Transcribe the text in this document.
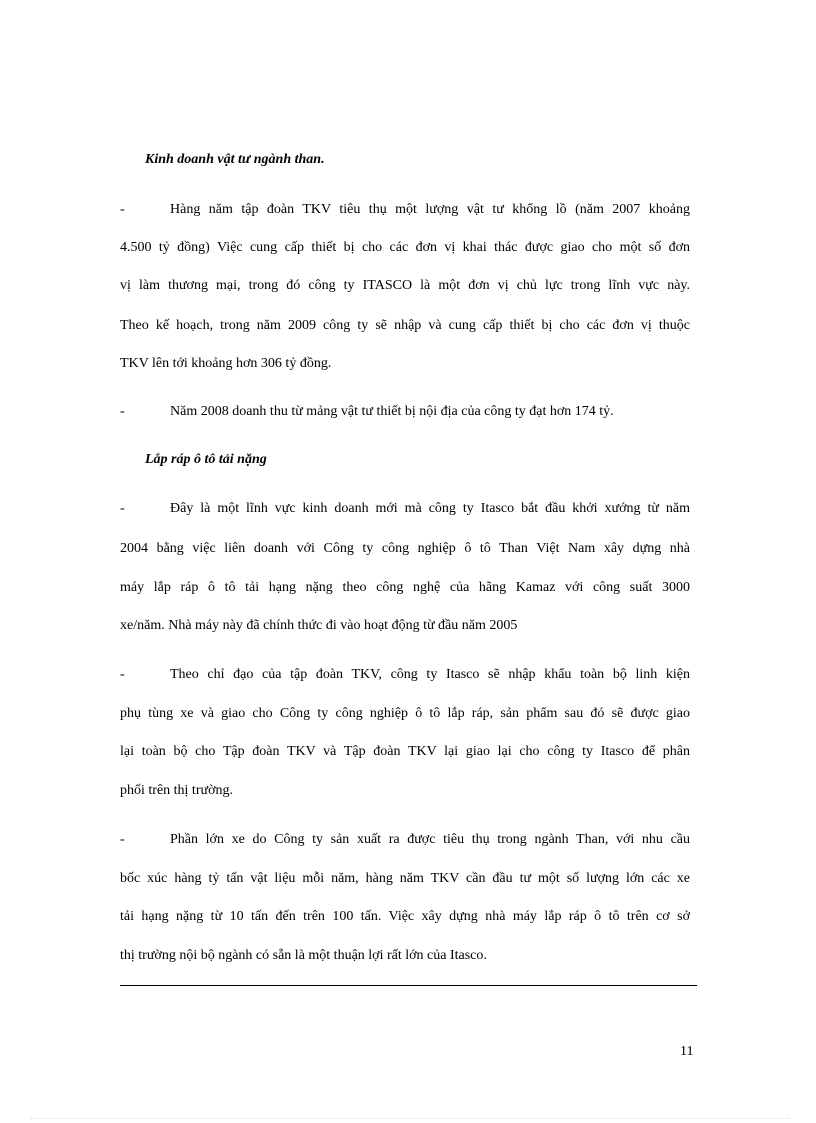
Kinh doanh vật tư ngành than.
-	Hàng năm tập đoàn TKV tiêu thụ một lượng vật tư khổng lồ (năm 2007 khoảng
4.500 tỷ đồng) Việc cung cấp thiết bị cho các đơn vị khai thác được giao cho một số đơn
vị làm thương mại, trong đó công ty ITASCO là một đơn vị chủ lực trong lĩnh vực này.
Theo kế hoạch, trong năm 2009 công ty sẽ nhập và cung cấp thiết bị cho các đơn vị thuộc
TKV lên tới khoảng hơn 306 tỷ đồng.
-	Năm 2008 doanh thu từ mảng vật tư thiết bị nội địa của công ty đạt hơn 174 tỷ.
Lắp ráp ô tô tải nặng
-	Đây là một lĩnh vực kinh doanh mới mà công ty Itasco bắt đầu khởi xướng từ năm
2004 bằng việc liên doanh với Công ty công nghiệp ô tô Than Việt Nam xây dựng nhà
máy lắp ráp ô tô tải hạng nặng theo công nghệ của hãng Kamaz với công suất 3000
xe/năm. Nhà máy này đã chính thức đi vào hoạt động từ đầu năm 2005
-	Theo chỉ đạo của tập đoàn TKV, công ty Itasco sẽ nhập khẩu toàn bộ linh kiện
phụ tùng xe và giao cho Công ty công nghiệp ô tô lắp ráp, sản phẩm sau đó sẽ được giao
lại toàn bộ cho Tập đoàn TKV và Tập đoàn TKV lại giao lại cho công ty Itasco để phân
phối trên thị trường.
-	Phần lớn xe do Công ty sản xuất ra được tiêu thụ trong ngành Than, với nhu cầu
bốc xúc hàng tỷ tấn vật liệu mỗi năm, hàng năm TKV cần đầu tư một số lượng lớn các xe
tải hạng nặng từ 10 tấn đến trên 100 tấn. Việc xây dựng nhà máy lắp ráp ô tô trên cơ sở
thị trường nội bộ ngành có sẵn là một thuận lợi rất lớn của Itasco.
11
